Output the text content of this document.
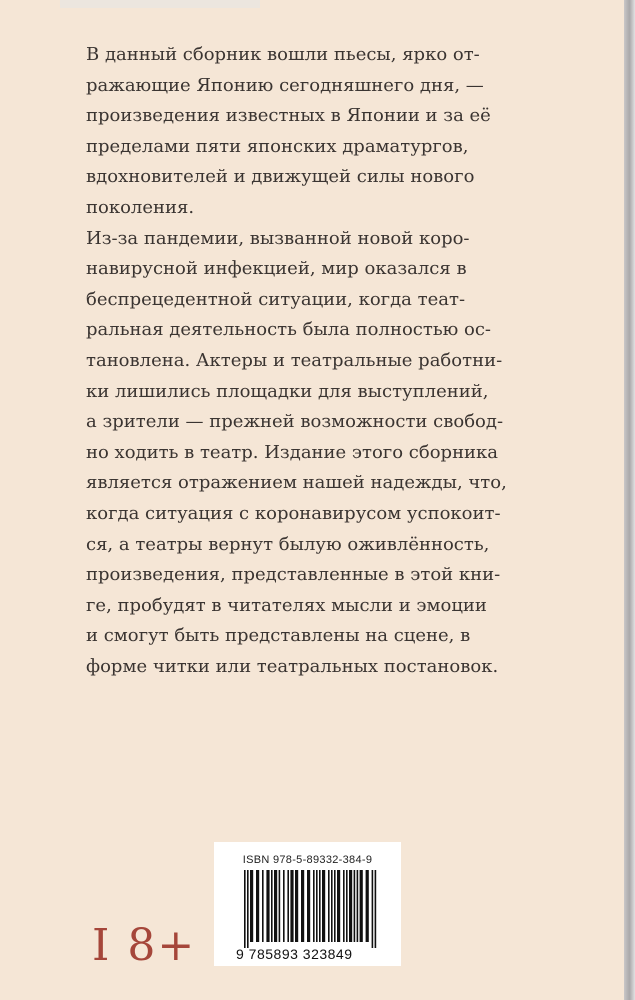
В данный сборник вошли пьесы, ярко от-
ражающие Японию сегодняшнего дня, —
произведения известных в Японии и за её
пределами пяти японских драматургов,
вдохновителей и движущей силы нового
поколения.

Из-за пандемии, вызванной новой коро-
навирусной инфекцией, мир оказался в
беспрецедентной ситуации, когда теат-
ральная деятельность была полностью ос-
тановлена. Актеры и театральные работни-
ки лишились площадки для выступлений,
а зрители — прежней возможности свобод-
но ходить в театр. Издание этого сборника
является отражением нашей надежды, что,
когда ситуация с коронавирусом успокоит-
ся, а театры вернут былую оживлённость,
произведения, представленные в этой кни-
ге, пробудят в читателях мысли и эмоции
и смогут быть представлены на сцене, в
форме читки или театральных постановок.

I 8+
ISBN 978-5-89332-384-9
9 785893 323849
